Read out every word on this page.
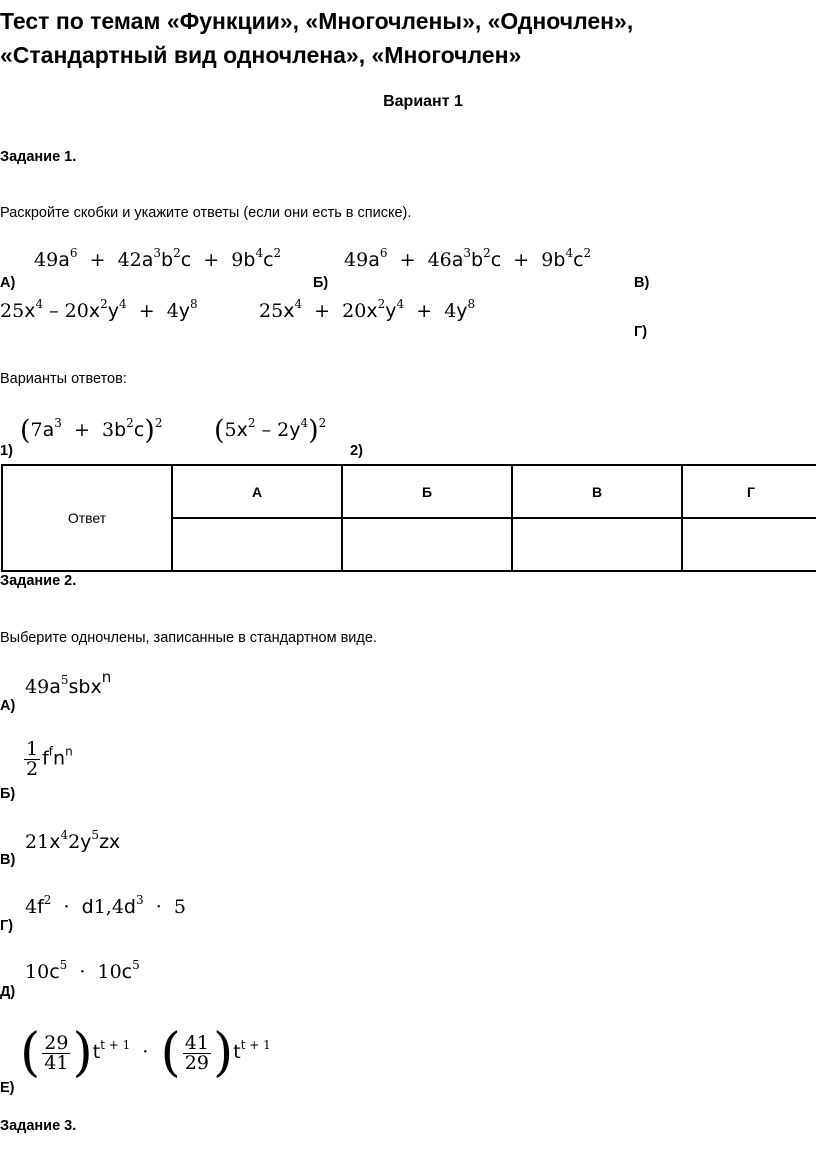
Тест по темам «Функции», «Многочлены», «Одночлен»,
«Стандартный вид одночлена», «Многочлен»
Вариант 1
Задание 1.
Раскройте скобки и укажите ответы (если они есть в списке).
$49a^6 + 42a^3b^2c + 9b^4c^2$
А)
$49a^6 + 46a^3b^2c + 9b^4c^2$
Б)	В)
$25x^4 - 20x^2y^4 + 4y^8$	$25x^4 + 20x^2y^4 + 4y^8$
Г)
Варианты ответов:
$(7a^3 + 3b^2c)^2$ $(5x^2 - 2y^4)^2$
1)	2)
Ответ	А	Б	В	Г

Задание 2.
Выберите одночлены, записанные в стандартном виде.
$49a^5sbx^n$
А)
$\frac{1}{2} f^fn^n$
Б)
$21x^42y^5zx$
В)
$4f^2 \cdot d1,4d^3 \cdot 5$
Г)
$10c^5 \cdot 10c^5$
Д)
( $\frac{29}{41} )t^{t + 1}$  ·  ( $\frac{41}{29} )t^{t + 1}$
Е)
Задание 3.
